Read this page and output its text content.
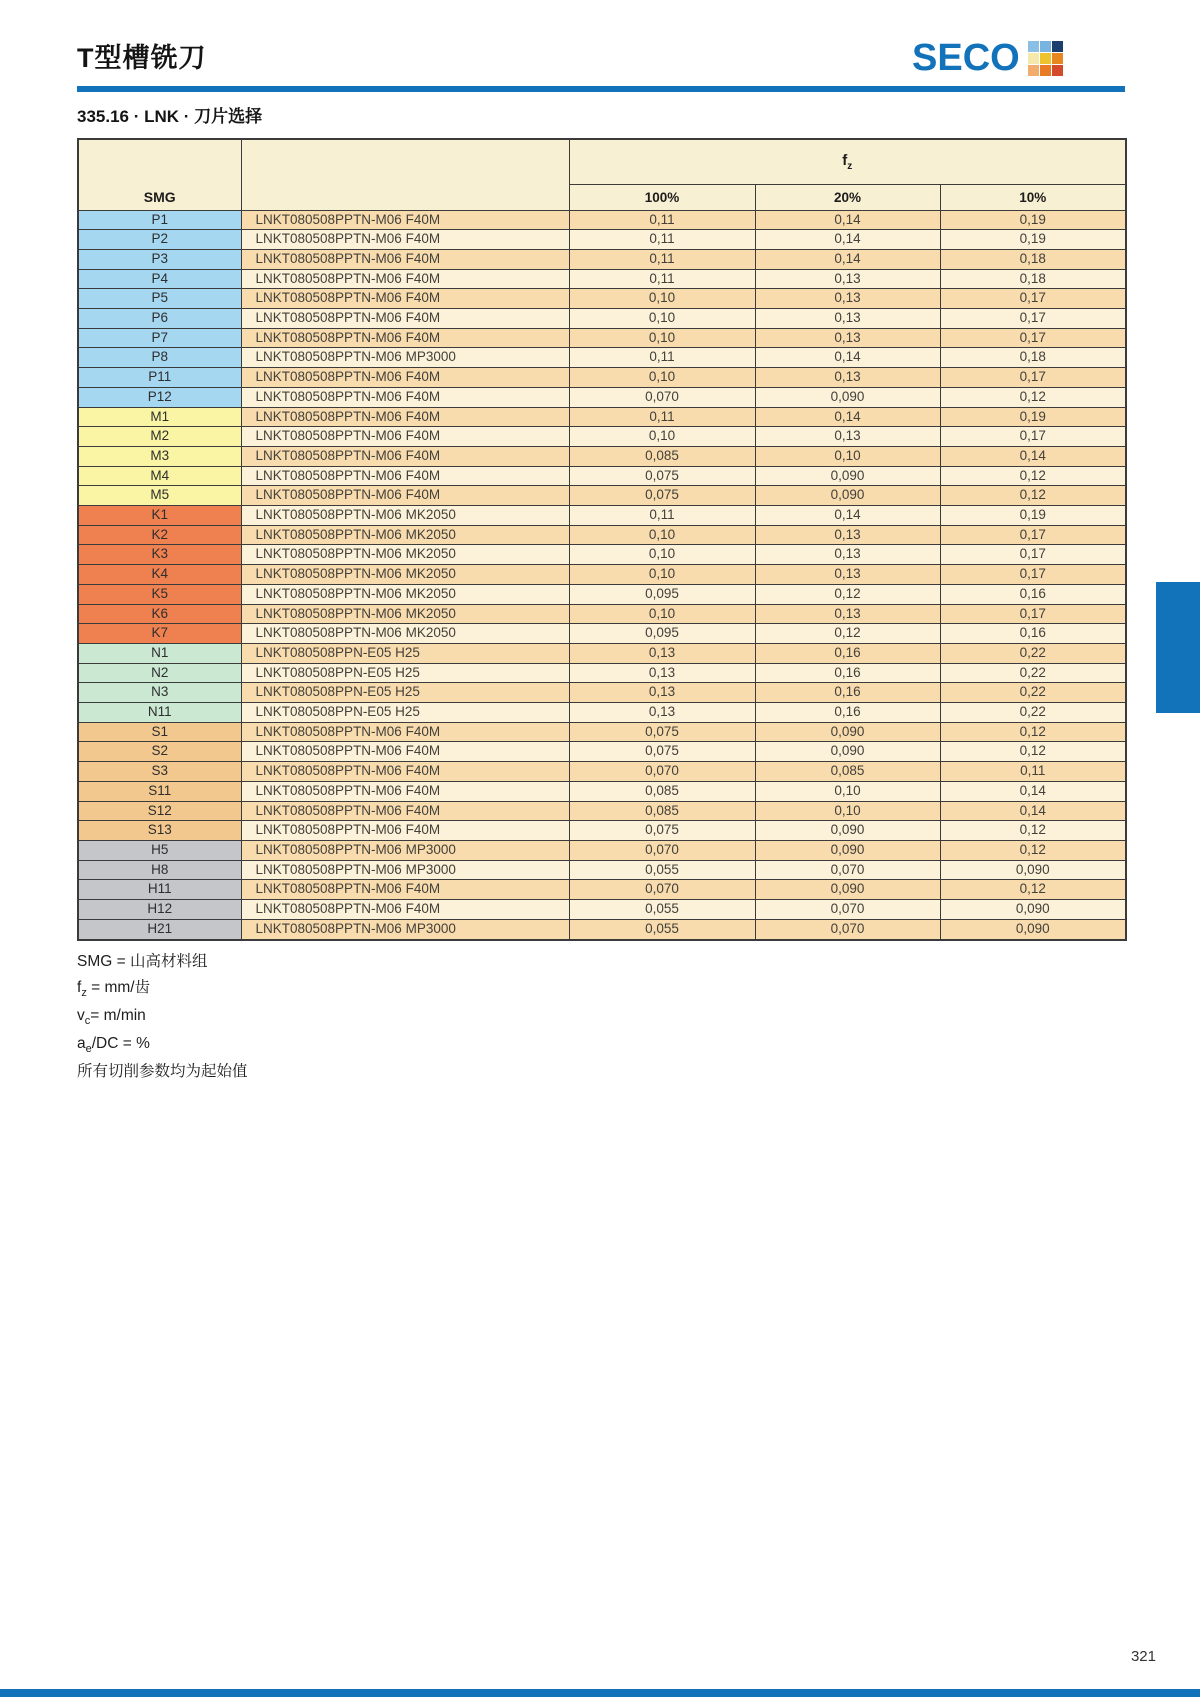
T型槽铣刀	SECO
335.16 · LNK · 刀片选择
SMG		$f_z$
		100%	20%	10%
P1	LNKT080508PPTN-M06 F40M	0,11	0,14	0,19
P2	LNKT080508PPTN-M06 F40M	0,11	0,14	0,19
P3	LNKT080508PPTN-M06 F40M	0,11	0,14	0,18
P4	LNKT080508PPTN-M06 F40M	0,11	0,13	0,18
P5	LNKT080508PPTN-M06 F40M	0,10	0,13	0,17
P6	LNKT080508PPTN-M06 F40M	0,10	0,13	0,17
P7	LNKT080508PPTN-M06 F40M	0,10	0,13	0,17
P8	LNKT080508PPTN-M06 MP3000	0,11	0,14	0,18
P11	LNKT080508PPTN-M06 F40M	0,10	0,13	0,17
P12	LNKT080508PPTN-M06 F40M	0,070	0,090	0,12
M1	LNKT080508PPTN-M06 F40M	0,11	0,14	0,19
M2	LNKT080508PPTN-M06 F40M	0,10	0,13	0,17
M3	LNKT080508PPTN-M06 F40M	0,085	0,10	0,14
M4	LNKT080508PPTN-M06 F40M	0,075	0,090	0,12
M5	LNKT080508PPTN-M06 F40M	0,075	0,090	0,12
K1	LNKT080508PPTN-M06 MK2050	0,11	0,14	0,19
K2	LNKT080508PPTN-M06 MK2050	0,10	0,13	0,17
K3	LNKT080508PPTN-M06 MK2050	0,10	0,13	0,17
K4	LNKT080508PPTN-M06 MK2050	0,10	0,13	0,17
K5	LNKT080508PPTN-M06 MK2050	0,095	0,12	0,16
K6	LNKT080508PPTN-M06 MK2050	0,10	0,13	0,17
K7	LNKT080508PPTN-M06 MK2050	0,095	0,12	0,16
N1	LNKT080508PPN-E05 H25	0,13	0,16	0,22
N2	LNKT080508PPN-E05 H25	0,13	0,16	0,22
N3	LNKT080508PPN-E05 H25	0,13	0,16	0,22
N11	LNKT080508PPN-E05 H25	0,13	0,16	0,22
S1	LNKT080508PPTN-M06 F40M	0,075	0,090	0,12
S2	LNKT080508PPTN-M06 F40M	0,075	0,090	0,12
S3	LNKT080508PPTN-M06 F40M	0,070	0,085	0,11
S11	LNKT080508PPTN-M06 F40M	0,085	0,10	0,14
S12	LNKT080508PPTN-M06 F40M	0,085	0,10	0,14
S13	LNKT080508PPTN-M06 F40M	0,075	0,090	0,12
H5	LNKT080508PPTN-M06 MP3000	0,070	0,090	0,12
H8	LNKT080508PPTN-M06 MP3000	0,055	0,070	0,090
H11	LNKT080508PPTN-M06 F40M	0,070	0,090	0,12
H12	LNKT080508PPTN-M06 F40M	0,055	0,070	0,090
H21	LNKT080508PPTN-M06 MP3000	0,055	0,070	0,090
SMG = 山高材料组
$f_z = mm/$齿
$v_c= m/\min$
$a_e/DC$ = %
所有切削参数均为起始值
321
